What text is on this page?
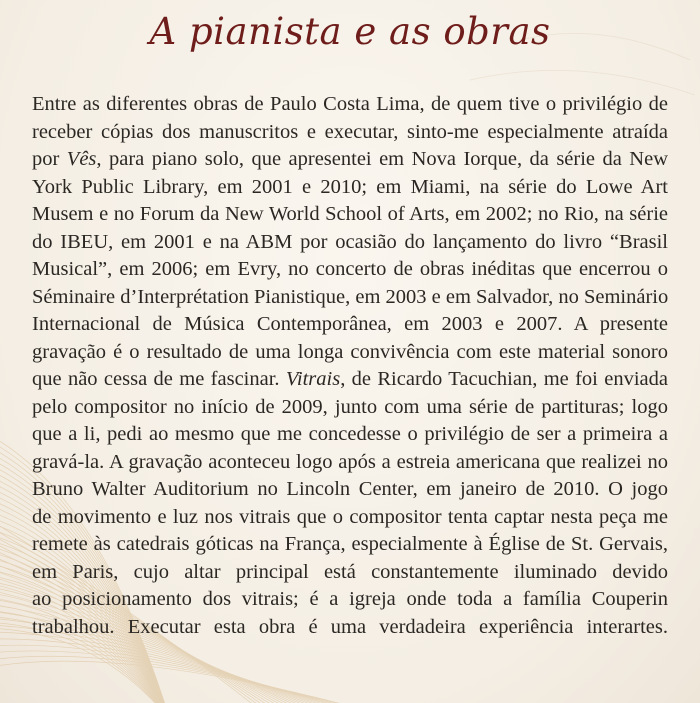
A pianista e as obras
Entre as diferentes obras de Paulo Costa Lima, de quem tive o privilégio de
receber cópias dos manuscritos e executar, sinto-me especialmente atraída
por Vês, para piano solo, que apresentei em Nova Iorque, da série da New
York Public Library, em 2001 e 2010; em Miami, na série do Lowe Art
Musem e no Forum da New World School of Arts, em 2002; no Rio, na série
do IBEU, em 2001 e na ABM por ocasião do lançamento do livro “Brasil
Musical”, em 2006; em Evry, no concerto de obras inéditas que encerrou o
Séminaire d’Interprétation Pianistique, em 2003 e em Salvador, no Seminário
Internacional de Música Contemporânea, em 2003 e 2007. A presente
gravação é o resultado de uma longa convivência com este material sonoro
que não cessa de me fascinar. Vitrais, de Ricardo Tacuchian, me foi enviada
pelo compositor no início de 2009, junto com uma série de partituras; logo
que a li, pedi ao mesmo que me concedesse o privilégio de ser a primeira a
gravá-la. A gravação aconteceu logo após a estreia americana que realizei no
Bruno Walter Auditorium no Lincoln Center, em janeiro de 2010. O jogo
de movimento e luz nos vitrais que o compositor tenta captar nesta peça me
remete às catedrais góticas na França, especialmente à Église de St. Gervais,
em Paris, cujo altar principal está constantemente iluminado devido
ao posicionamento dos vitrais; é a igreja onde toda a família Couperin
trabalhou. Executar esta obra é uma verdadeira experiência interartes.
